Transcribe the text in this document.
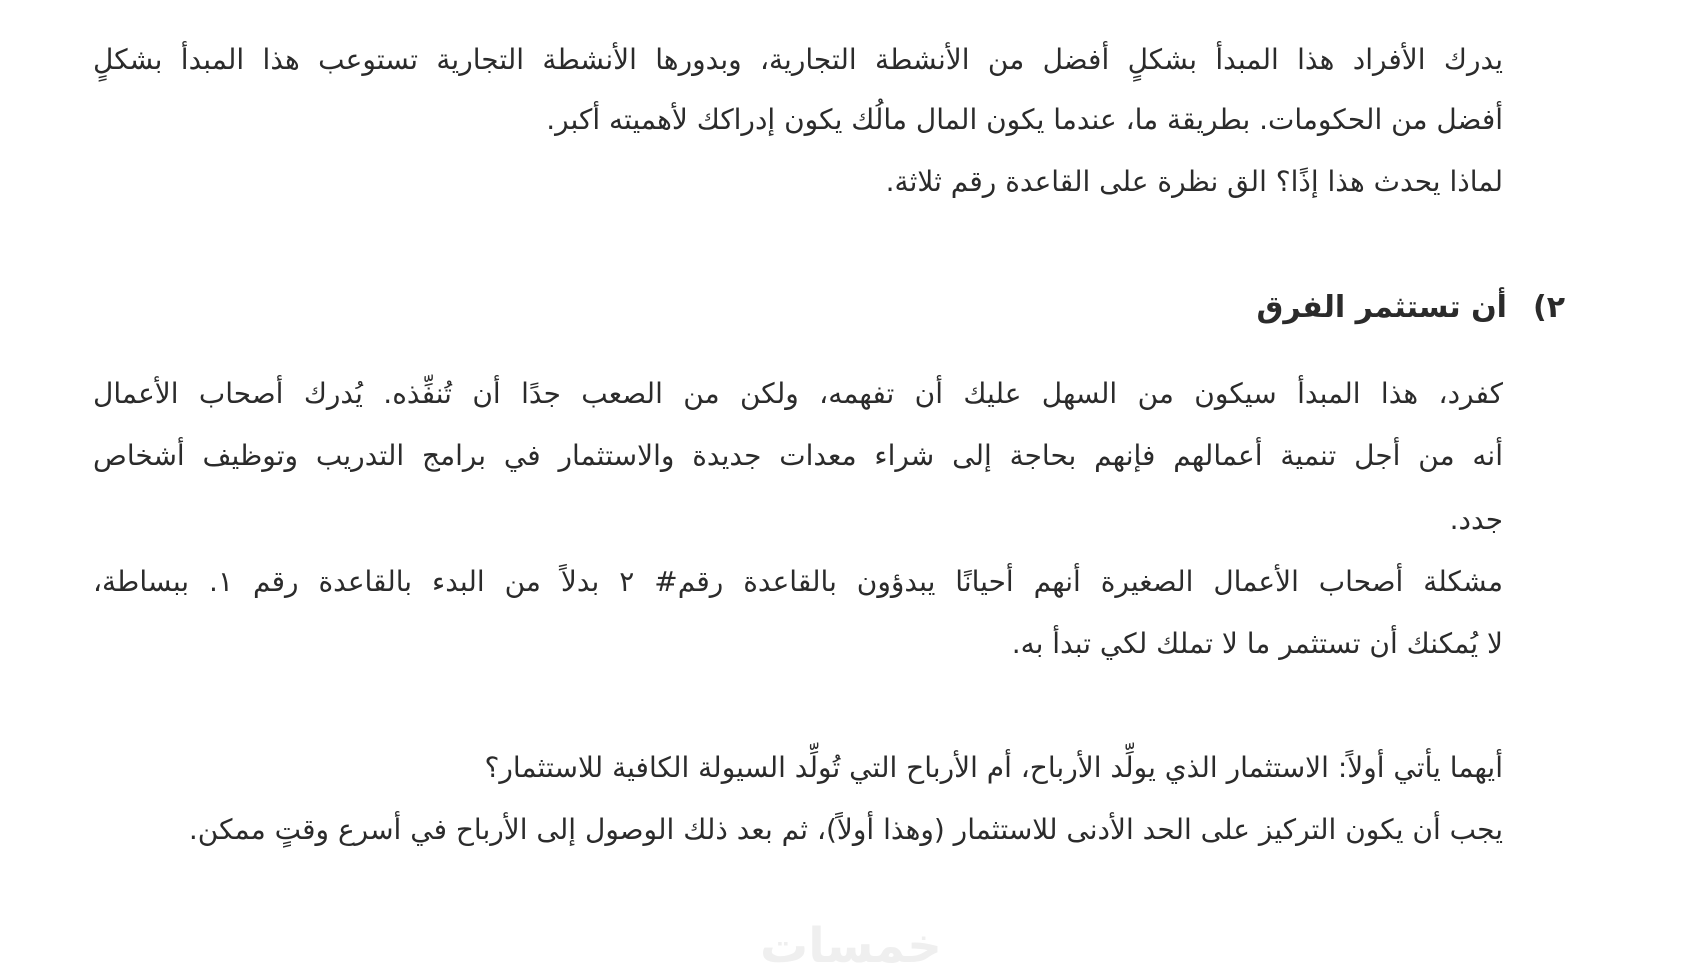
يدرك الأفراد هذا المبدأ بشكلٍ أفضل من الأنشطة التجارية، وبدورها الأنشطة التجارية تستوعب هذا المبدأ بشكلٍ
أفضل من الحكومات. بطريقة ما، عندما يكون المال مالُك يكون إدراكك لأهميته أكبر.
لماذا يحدث هذا إذًا؟ الق نظرة على القاعدة رقم ثلاثة.
٢)أن تستثمر الفرق
كفرد، هذا المبدأ سيكون من السهل عليك أن تفهمه، ولكن من الصعب جدًا أن تُنفِّذه. يُدرك أصحاب الأعمال
أنه من أجل تنمية أعمالهم فإنهم بحاجة إلى شراء معدات جديدة والاستثمار في برامج التدريب وتوظيف أشخاص
جدد.
مشكلة أصحاب الأعمال الصغيرة أنهم أحيانًا يبدؤون بالقاعدة رقم# ٢ بدلاً من البدء بالقاعدة رقم ١. ببساطة،
لا يُمكنك أن تستثمر ما لا تملك لكي تبدأ به.
أيهما يأتي أولاً: الاستثمار الذي يولِّد الأرباح، أم الأرباح التي تُولِّد السيولة الكافية للاستثمار؟
يجب أن يكون التركيز على الحد الأدنى للاستثمار (وهذا أولاً)، ثم بعد ذلك الوصول إلى الأرباح في أسرع وقتٍ ممكن.
خمسات
